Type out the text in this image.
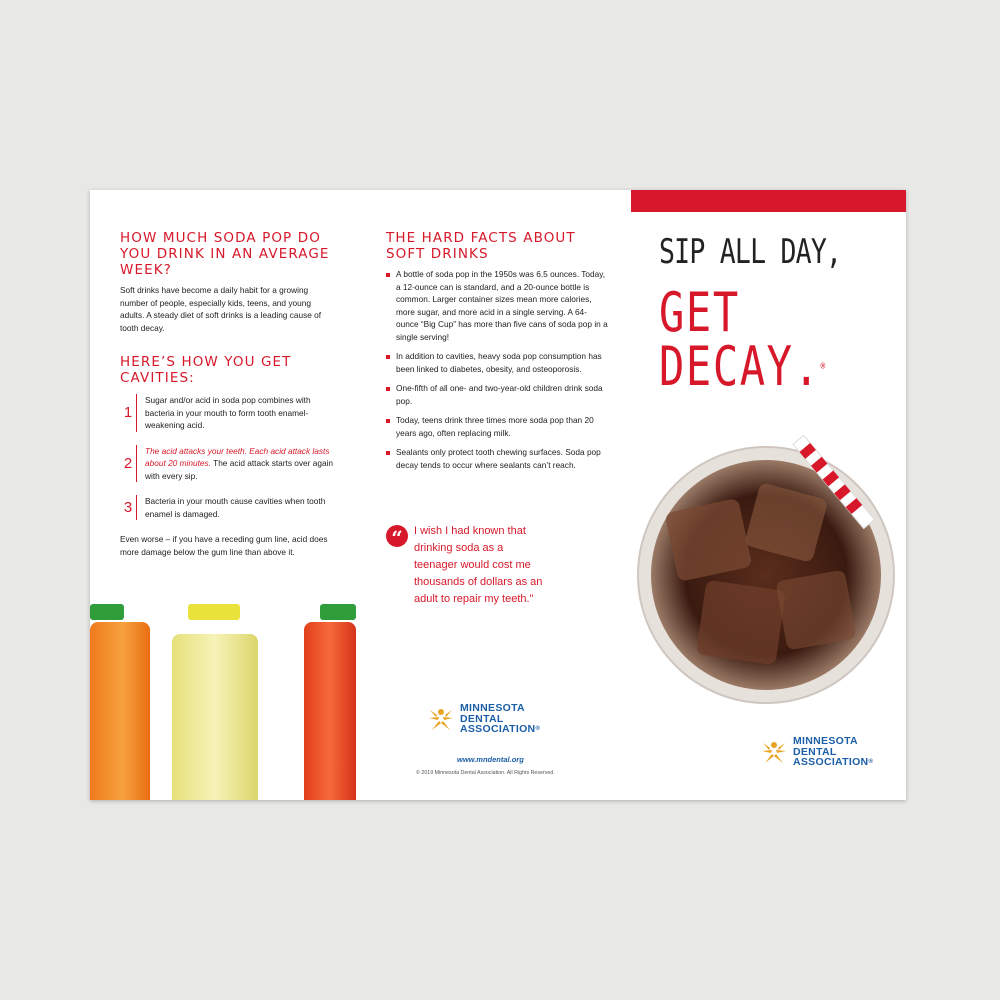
HOW MUCH SODA POP DO YOU DRINK IN AN AVERAGE WEEK?

Soft drinks have become a daily habit for a growing number of people, especially kids, teens, and young adults. A steady diet of soft drinks is a leading cause of tooth decay.

HERE’S HOW YOU GET CAVITIES:
1
Sugar and/or acid in soda pop combines with bacteria in your mouth to form tooth enamel-weakening acid.
2
The acid attacks your teeth. Each acid attack lasts about 20 minutes. The acid attack starts over again with every sip.
3	Bacteria in your mouth cause cavities when tooth enamel is damaged.

Even worse – if you have a receding gum line, acid does more damage below the gum line than above it.

THE HARD FACTS ABOUT SOFT DRINKS
A bottle of soda pop in the 1950s was 6.5 ounces. Today, a 12-ounce can is standard, and a 20-ounce bottle is common. Larger container sizes mean more calories, more sugar, and more acid in a single serving. A 64-ounce “Big Cup” has more than five cans of soda pop in a single serving!
In addition to cavities, heavy soda pop consumption has been linked to diabetes, obesity, and osteoporosis.
One-fifth of all one- and two-year-old children drink soda pop.
Today, teens drink three times more soda pop than 20 years ago, often replacing milk.
Sealants only protect tooth chewing surfaces. Soda pop decay tends to occur where sealants can’t reach.
“	I wish I had known that drinking soda as a teenager would cost me thousands of dollars as an adult to repair my teeth."
MINNESOTA
DENTAL
ASSOCIATION®
www.mndental.org
© 2019 Minnesota Dental Association. All Rights Reserved.
SIP ALL DAY,
GET
DECAY.®
MINNESOTA
DENTAL
ASSOCIATION®
